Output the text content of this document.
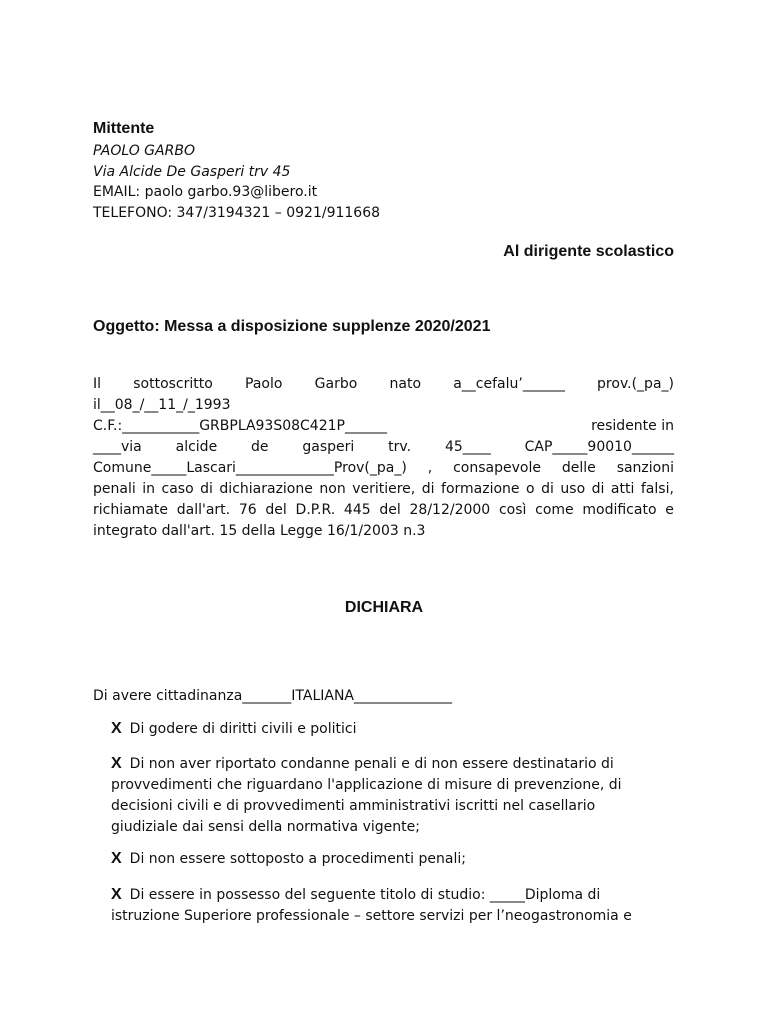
Mittente
PAOLO GARBO
Via Alcide De Gasperi trv 45
EMAIL: paolo garbo.93@libero.it
TELEFONO: 347/3194321 – 0921/911668
Al dirigente scolastico
Oggetto: Messa a disposizione supplenze 2020/2021
Il sottoscritto Paolo Garbo nato a__cefalu’______ prov.(_pa_)
il__08_/__11_/_1993
C.F.:___________GRBPLA93S08C421P______	residente in
____via alcide de gasperi trv. 45____ CAP_____90010______
Comune_____Lascari______________Prov(_pa_) , consapevole delle sanzioni
penali in caso di dichiarazione non veritiere, di formazione o di uso di atti falsi,
richiamate dall'art. 76 del D.P.R. 445 del 28/12/2000 così come modificato e
integrato dall'art. 15 della Legge 16/1/2003 n.3
DICHIARA
Di avere cittadinanza_______ITALIANA______________
X Di godere di diritti civili e politici
X Di non aver riportato condanne penali e di non essere destinatario di
provvedimenti che riguardano l'applicazione di misure di prevenzione, di
decisioni civili e di provvedimenti amministrativi iscritti nel casellario
giudiziale dai sensi della normativa vigente;
X Di non essere sottoposto a procedimenti penali;
X Di essere in possesso del seguente titolo di studio: _____Diploma di
istruzione Superiore professionale – settore servizi per l’neogastronomia e
